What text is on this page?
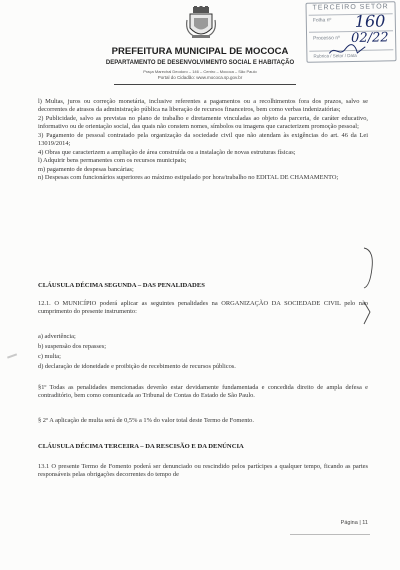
TERCEIRO SETOR
Folha nº 160
Processo nº 02/22
Rubrica / Setor / Data
PREFEITURA MUNICIPAL DE MOCOCA
DEPARTAMENTO DE DESENVOLVIMENTO SOCIAL E HABITAÇÃO
Praça Marechal Deodoro – 146 – Centro – Mococa – São Paulo
Portal do Cidadão: www.mococa.sp.gov.br

l) Multas, juros ou correção monetária, inclusive referentes a pagamentos ou a recolhimentos fora dos prazos, salvo se decorrentes de atrasos da administração pública na liberação de recursos financeiros, bem como verbas indenizatórias;

2) Publicidade, salvo as previstas no plano de trabalho e diretamente vinculadas ao objeto da parceria, de caráter educativo, informativo ou de orientação social, das quais não constem nomes, símbolos ou imagens que caracterizem promoção pessoal;

3) Pagamento de pessoal contratado pela organização da sociedade civil que não atendam às exigências do art. 46 da Lei 13019/2014;

4) Obras que caracterizem a ampliação de área construída ou a instalação de novas estruturas físicas;

l) Adquirir bens permanentes com os recursos municipais;

m) pagamento de despesas bancárias;

n) Despesas com funcionários superiores ao máximo estipulado por hora/trabalho no EDITAL DE CHAMAMENTO;

CLÁUSULA DÉCIMA SEGUNDA – DAS PENALIDADES
12.1. O MUNICÍPIO poderá aplicar as seguintes penalidades na ORGANIZAÇÃO DA SOCIEDADE CIVIL pelo não cumprimento do presente instrumento:

a) advertência;

b) suspensão dos repasses;

c) multa;

d) declaração de idoneidade e proibição de recebimento de recursos públicos.

§1º Todas as penalidades mencionadas deverão estar devidamente fundamentada e concedida direito de ampla defesa e contraditório, bem como comunicada ao Tribunal de Contas do Estado de São Paulo.
§ 2º A aplicação de multa será de 0,5% a 1% do valor total deste Termo de Fomento.
CLÁUSULA DÉCIMA TERCEIRA – DA RESCISÃO E DA DENÚNCIA
13.1 O presente Termo de Fomento poderá ser denunciado ou rescindido pelos partícipes a qualquer tempo, ficando as partes responsáveis pelas obrigações decorrentes do tempo de
Página | 11
